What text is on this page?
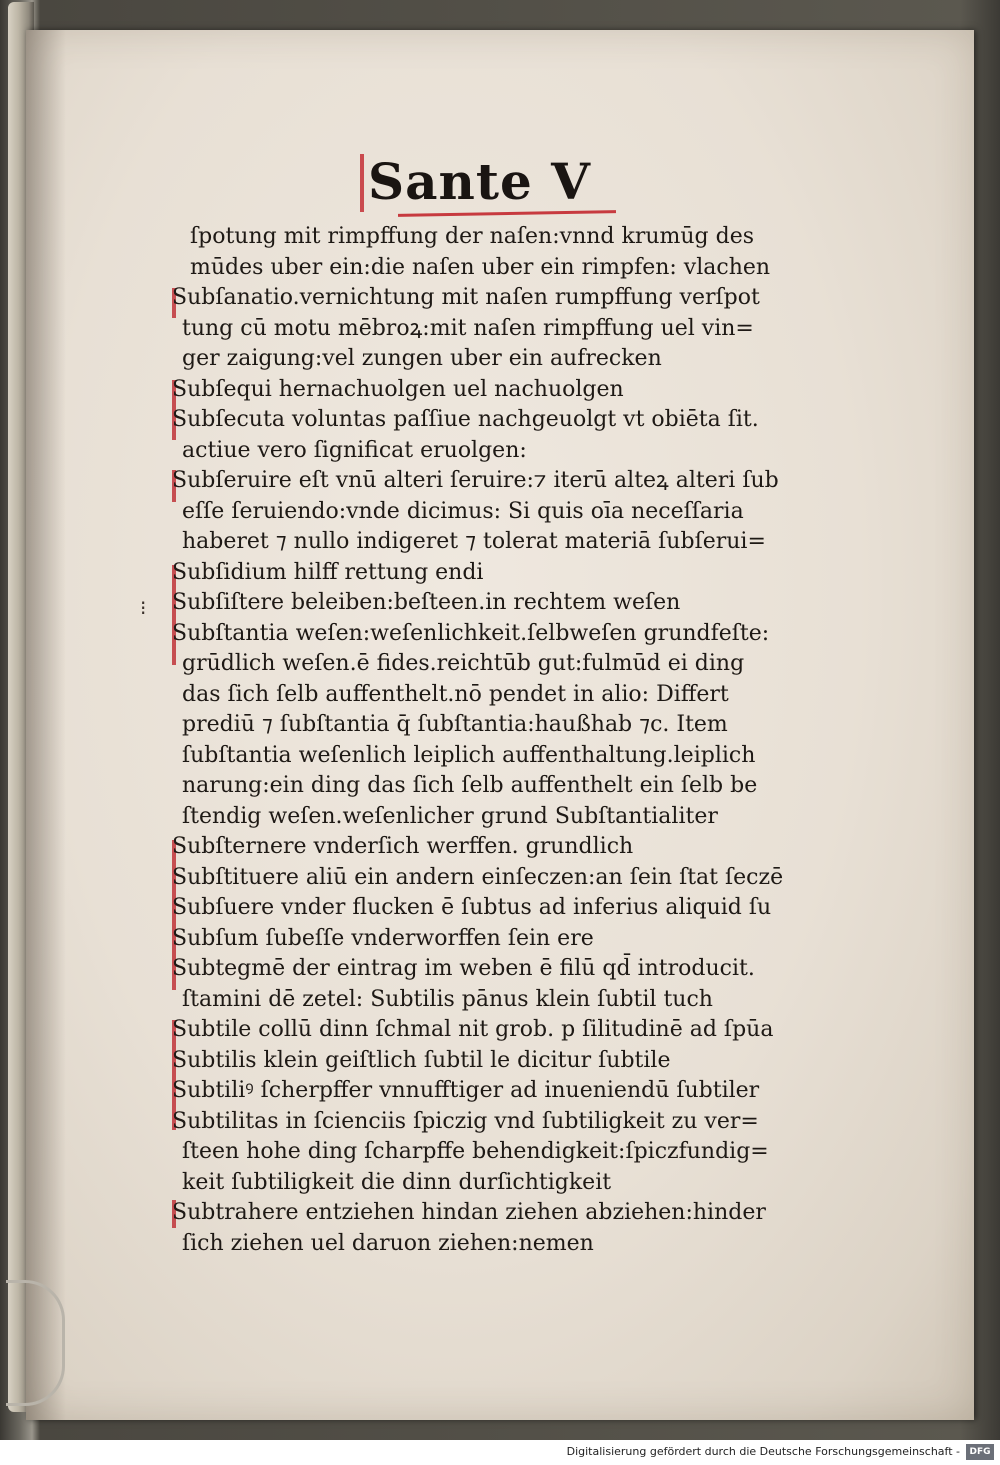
Sante V
⁝
ſpotung mit rimpffung der naſen:vnnd krumūg des
mūdes uber ein:die naſen uber ein rimpfen: vlachen
Subſanatio.vernichtung mit naſen rumpffung verſpot
tung cū motu mēbroꝝ:mit naſen rimpffung uel vin=
ger zaigung:vel zungen uber ein aufrecken
Subſequi hernachuolgen uel nachuolgen
Subſecuta voluntas paſſiue nachgeuolgt vt obiēta ſit.
actiue vero ſignificat eruolgen:
Subſeruire eſt vnū alteri ſeruire:⁊ iterū alteꝝ alteri ſub
eſſe ſeruiendo:vnde dicimus: Si quis oīa neceſſaria
haberet ⁊ nullo indigeret ⁊ tolerat materiā ſubſerui=
Subſidium hilff rettung endi
Subſiſtere beleiben:beſteen.in rechtem weſen
Subſtantia weſen:weſenlichkeit.ſelbweſen grundfeſte:
grūdlich weſen.ē fides.reichtūb gut:fulmūd ei ding
das ſich ſelb auffenthelt.nō pendet in alio: Differt
prediū ⁊ ſubſtantia q̄ ſubſtantia:haußhab ⁊c. Item
ſubſtantia weſenlich leiplich auffenthaltung.leiplich
narung:ein ding das ſich ſelb auffenthelt ein ſelb be
ſtendig weſen.weſenlicher grund Subſtantialiter
Subſternere vnderſich werffen. grundlich
Subſtituere aliū ein andern einſeczen:an ſein ſtat ſeczē
Subſuere vnder flucken ē ſubtus ad inferius aliquid ſu
Subſum ſubeſſe vnderworffen ſein ere
Subtegmē der eintrag im weben ē filū qd̄ introducit.
ſtamini dē zetel: Subtilis pānus klein ſubtil tuch
Subtile collū dinn ſchmal nit grob. p ſilitudinē ad ſpūa
Subtilis klein geiſtlich ſubtil le dicitur ſubtile
Subtiliꝰ ſcherpffer vnnufftiger ad inueniendū ſubtiler
Subtilitas in ſcienciis ſpiczig vnd ſubtiligkeit zu ver=
ſteen hohe ding ſcharpffe behendigkeit:ſpiczfundig=
keit ſubtiligkeit die dinn durſichtigkeit
Subtrahere entziehen hindan ziehen abziehen:hinder
ſich ziehen uel daruon ziehen:nemen
Digitalisierung gefördert durch die Deutsche Forschungsgemeinschaft -	DFG
